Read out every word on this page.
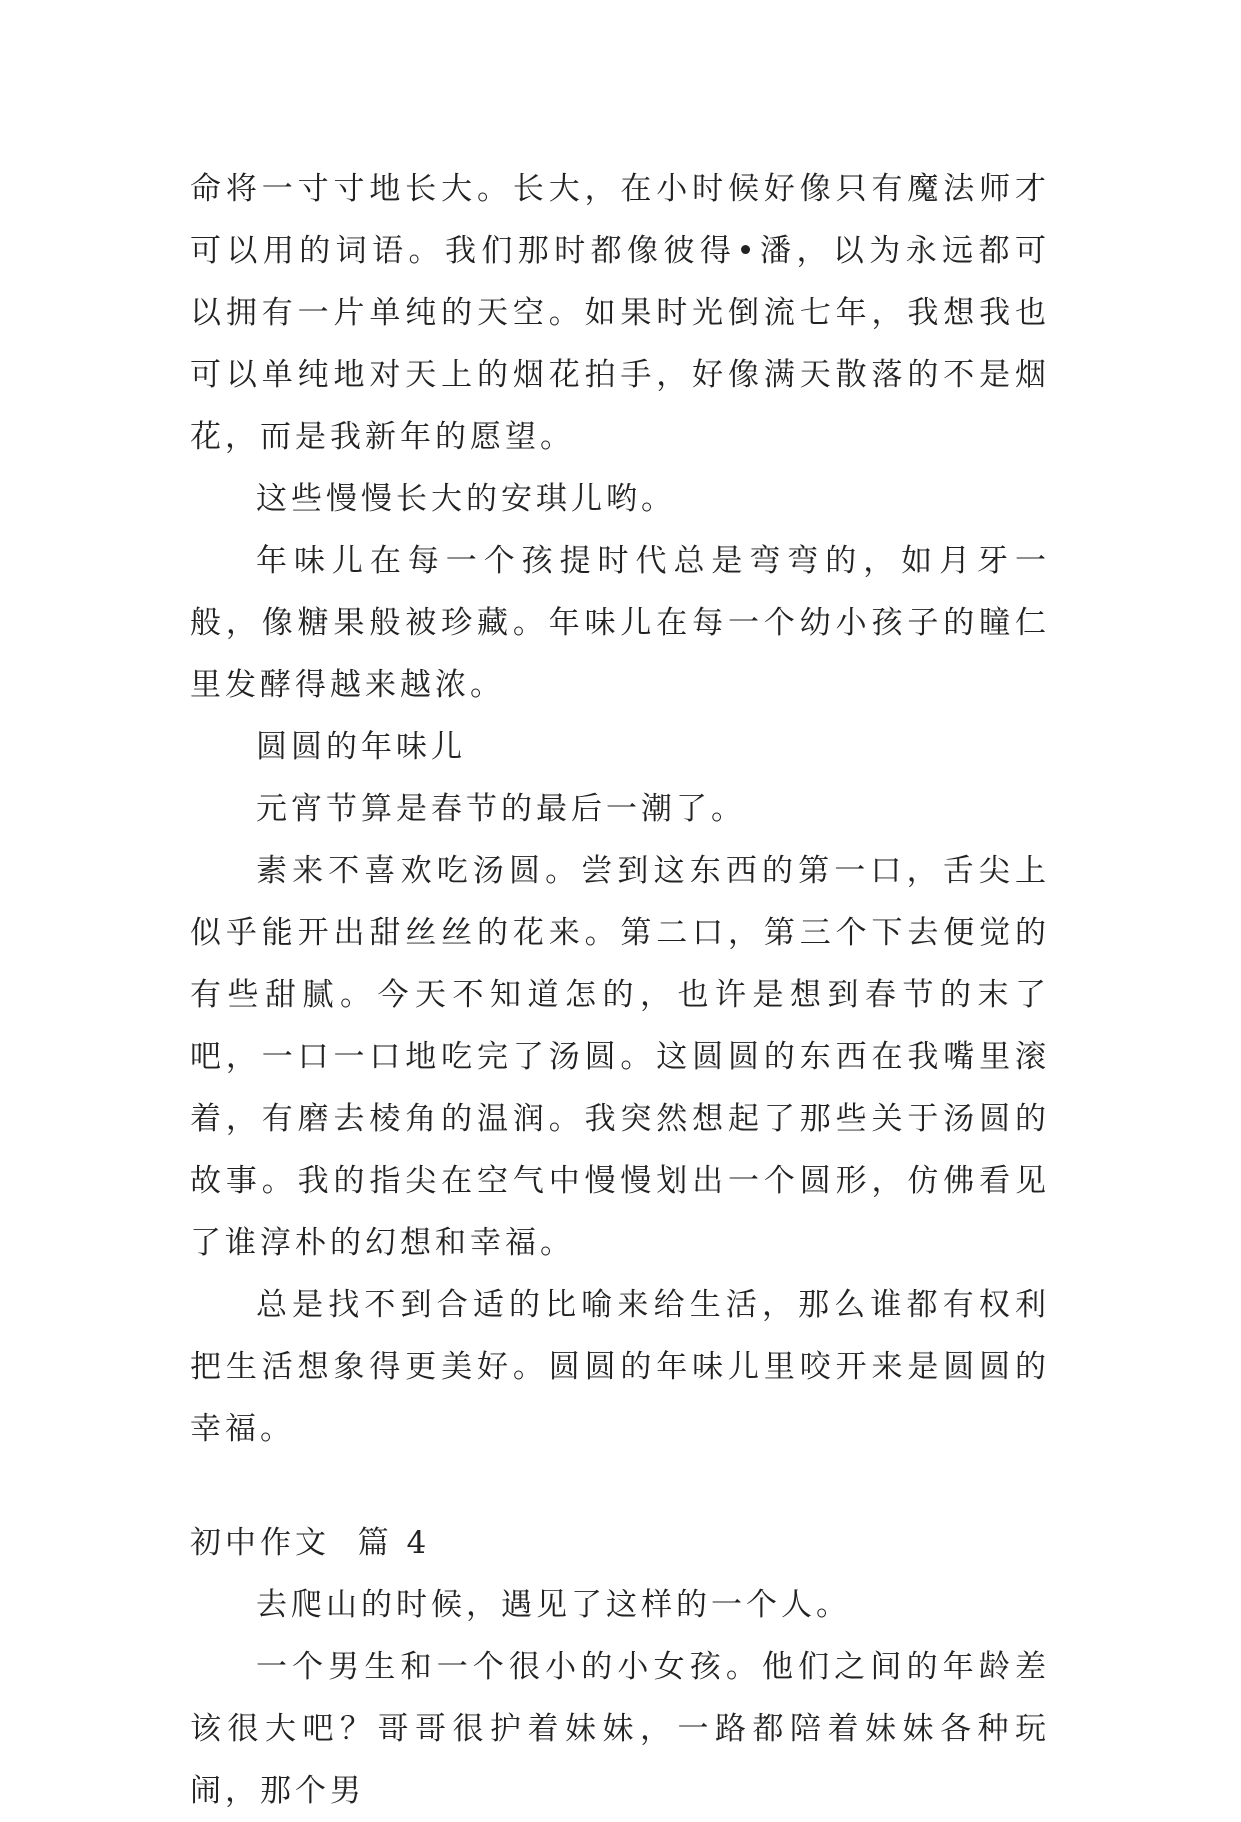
命将一寸寸地长大。长大，在小时候好像只有魔法师才可以用的词语。我们那时都像彼得•潘，以为永远都可以拥有一片单纯的天空。如果时光倒流七年，我想我也可以单纯地对天上的烟花拍手，好像满天散落的不是烟花，而是我新年的愿望。

这些慢慢长大的安琪儿哟。

年味儿在每一个孩提时代总是弯弯的，如月牙一般，像糖果般被珍藏。年味儿在每一个幼小孩子的瞳仁里发酵得越来越浓。

圆圆的年味儿

元宵节算是春节的最后一潮了。

素来不喜欢吃汤圆。尝到这东西的第一口，舌尖上似乎能开出甜丝丝的花来。第二口，第三个下去便觉的有些甜腻。今天不知道怎的，也许是想到春节的末了吧，一口一口地吃完了汤圆。这圆圆的东西在我嘴里滚着，有磨去棱角的温润。我突然想起了那些关于汤圆的故事。我的指尖在空气中慢慢划出一个圆形，仿佛看见了谁淳朴的幻想和幸福。

总是找不到合适的比喻来给生活，那么谁都有权利把生活想象得更美好。圆圆的年味儿里咬开来是圆圆的幸福。

初中作文  篇 4

去爬山的时候，遇见了这样的一个人。

一个男生和一个很小的小女孩。他们之间的年龄差该很大吧？哥哥很护着妹妹，一路都陪着妹妹各种玩闹，那个男
